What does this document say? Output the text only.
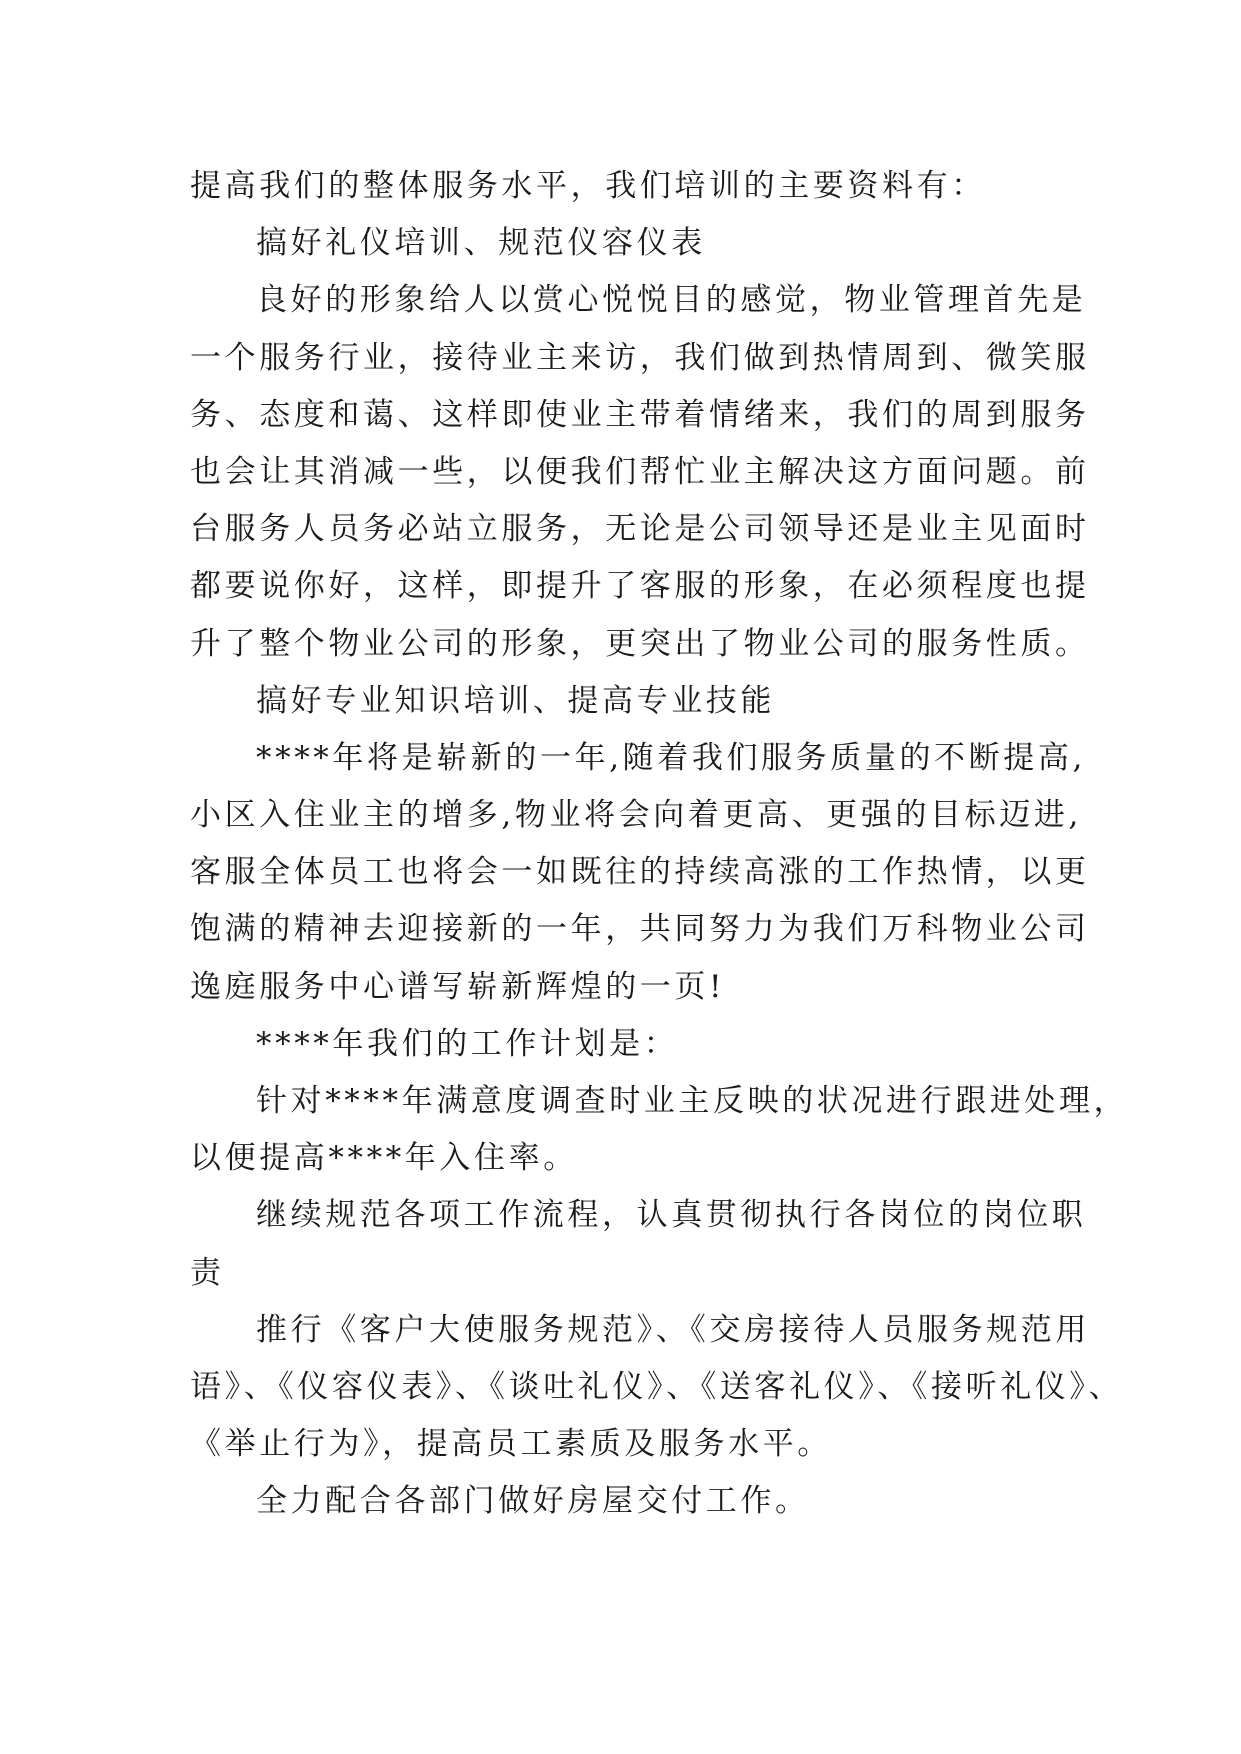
提高我们的整体服务水平，我们培训的主要资料有：
搞好礼仪培训、规范仪容仪表
良好的形象给人以赏心悦悦目的感觉，物业管理首先是
一个服务行业，接待业主来访，我们做到热情周到、微笑服
务、态度和蔼、这样即使业主带着情绪来，我们的周到服务
也会让其消减一些，以便我们帮忙业主解决这方面问题。前
台服务人员务必站立服务，无论是公司领导还是业主见面时
都要说你好，这样，即提升了客服的形象，在必须程度也提
升了整个物业公司的形象，更突出了物业公司的服务性质。
搞好专业知识培训、提高专业技能
****年将是崭新的一年,随着我们服务质量的不断提高,
小区入住业主的增多,物业将会向着更高、更强的目标迈进,
客服全体员工也将会一如既往的持续高涨的工作热情，以更
饱满的精神去迎接新的一年，共同努力为我们万科物业公司
逸庭服务中心谱写崭新辉煌的一页!
****年我们的工作计划是：
针对****年满意度调查时业主反映的状况进行跟进处理，
以便提高****年入住率。
继续规范各项工作流程，认真贯彻执行各岗位的岗位职
责
推行《客户大使服务规范》、《交房接待人员服务规范用
语》、《仪容仪表》、《谈吐礼仪》、《送客礼仪》、《接听礼仪》、
《举止行为》，提高员工素质及服务水平。
全力配合各部门做好房屋交付工作。
